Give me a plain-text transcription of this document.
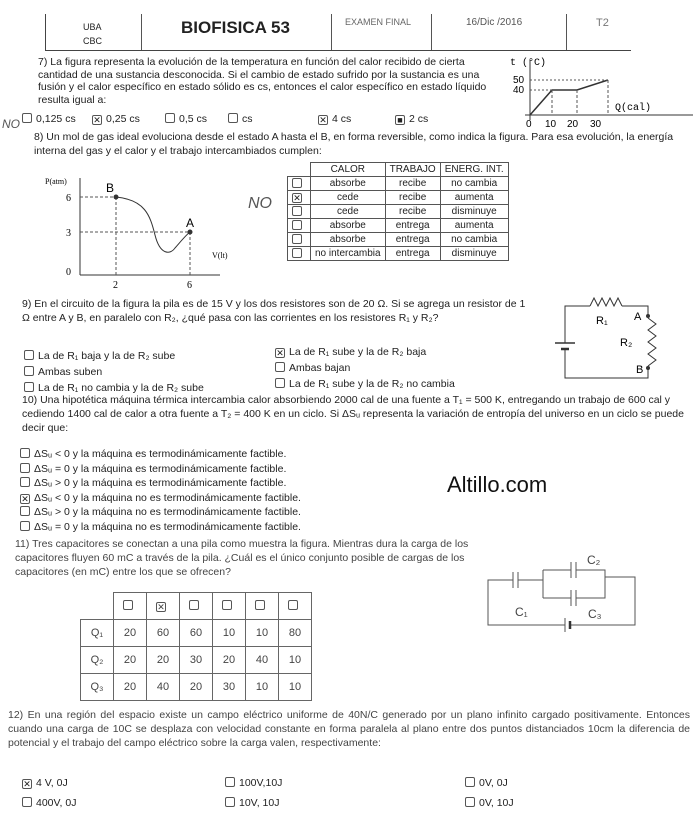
UBA
CBC
BIOFISICA 53	EXAMEN FINAL	16/Dic /2016	T2
7) La figura representa la evolución de la temperatura en función del calor recibido de cierta cantidad de una sustancia desconocida. Si el cambio de estado sufrido por la sustancia es una fusión y el calor específico en estado sólido es cs, entonces el calor específico en estado líquido resulta igual a:
0,125 cs ✕ 0,25 cs	0,5 cs	cs	✕ 4 cs	■ 2 cs
NO
t (°C)
Q(cal)
50
40
0 10 20 30
8) Un mol de gas ideal evoluciona desde el estado A hasta el B, en forma reversible, como indica la figura. Para esa evolución, la energía interna del gas y el calor y el trabajo intercambiados cumplen:
B
A
P(atm)
V(lt)
6
3
0
2	6
NO
	CALOR	TRABAJO	ENERG. INT.
	absorbe	recibe	no cambia
✕	cede	recibe	aumenta
	cede	recibe	disminuye
	absorbe	entrega	aumenta
	absorbe	entrega	no cambia
	no intercambia	entrega	disminuye
9) En el circuito de la figura la pila es de 15 V y los dos resistores son de 20 Ω. Si se agrega un resistor de 1 Ω entre A y B, en paralelo con R₂, ¿qué pasa con las corrientes en los resistores R₁ y R₂?
La de R₁ baja y la de R₂ sube
Ambas suben
La de R₁ no cambia y la de R₂ sube
✕ La de R₁ sube y la de R₂ baja
Ambas bajan
La de R₁ sube y la de R₂ no cambia
R₁ A
R₂
B
10) Una hipotética máquina térmica intercambia calor absorbiendo 2000 cal de una fuente a T₁ = 500 K, entregando un trabajo de 600 cal y cediendo 1400 cal de calor a otra fuente a T₂ = 400 K en un ciclo. Si ΔSᵤ representa la variación de entropía del universo en un ciclo se puede decir que:
ΔSᵤ < 0 y la máquina es termodinámicamente factible.
ΔSᵤ = 0 y la máquina es termodinámicamente factible.
ΔSᵤ > 0 y la máquina es termodinámicamente factible.
✕ ΔSᵤ < 0 y la máquina no es termodinámicamente factible.
ΔSᵤ > 0 y la máquina no es termodinámicamente factible.
ΔSᵤ = 0 y la máquina no es termodinámicamente factible.
Altillo.com
11) Tres capacitores se conectan a una pila como muestra la figura. Mientras dura la carga de los capacitores fluyen 60 mC a través de la pila. ¿Cuál es el único conjunto posible de cargas de los capacitores (en mC) entre los que se ofrecen?
		✕				
Q₁	20	60	60	10	10	80
Q₂	20	20	30	20	40	10
Q₃	20	40	20	30	10	10
C₁
C₂
C₃
12) En una región del espacio existe un campo eléctrico uniforme de 40N/C generado por un plano infinito cargado positivamente. Entonces cuando una carga de 10C se desplaza con velocidad constante en forma paralela al plano entre dos puntos distanciados 10cm la diferencia de potencial y el trabajo del campo eléctrico sobre la carga valen, respectivamente:
✕ 4 V, 0J
400V, 0J
100V,10J
10V, 10J
0V, 0J
0V, 10J
